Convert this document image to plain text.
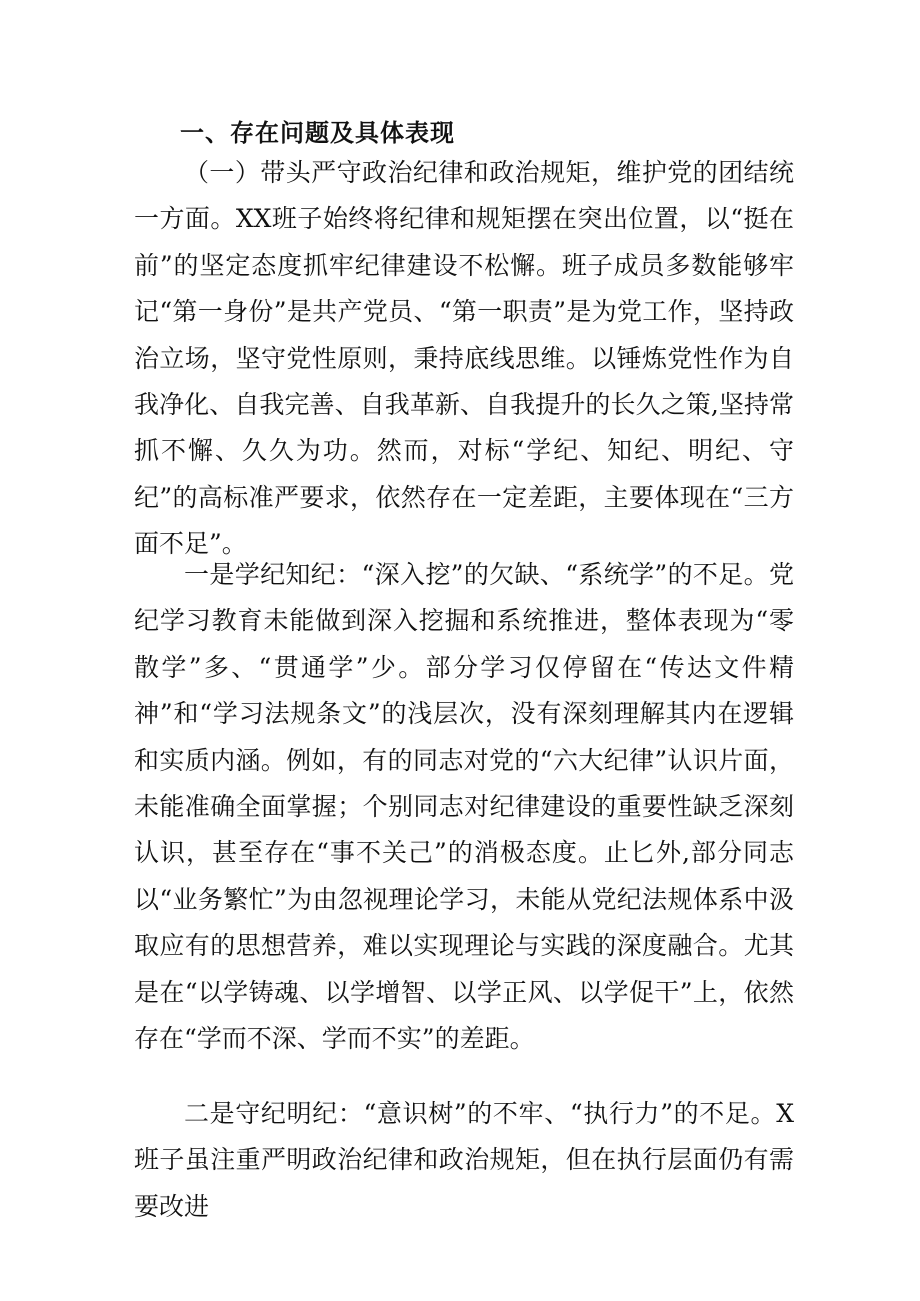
一、存在问题及具体表现

（一）带头严守政治纪律和政治规矩，维护党的团结统一方面。XX班子始终将纪律和规矩摆在突出位置，以“挺在前”的坚定态度抓牢纪律建设不松懈。班子成员多数能够牢记“第一身份”是共产党员、“第一职责”是为党工作，坚持政治立场，坚守党性原则，秉持底线思维。以锤炼党性作为自我净化、自我完善、自我革新、自我提升的长久之策,坚持常抓不懈、久久为功。然而，对标“学纪、知纪、明纪、守纪”的高标准严要求，依然存在一定差距，主要体现在“三方面不足”。

一是学纪知纪：“深入挖”的欠缺、“系统学”的不足。党纪学习教育未能做到深入挖掘和系统推进，整体表现为“零散学”多、“贯通学”少。部分学习仅停留在“传达文件精神”和“学习法规条文”的浅层次，没有深刻理解其内在逻辑和实质内涵。例如，有的同志对党的“六大纪律”认识片面，未能准确全面掌握；个别同志对纪律建设的重要性缺乏深刻认识，甚至存在“事不关己”的消极态度。止匕外,部分同志以“业务繁忙”为由忽视理论学习，未能从党纪法规体系中汲取应有的思想营养，难以实现理论与实践的深度融合。尤其是在“以学铸魂、以学增智、以学正风、以学促干”上，依然存在“学而不深、学而不实”的差距。

二是守纪明纪：“意识树”的不牢、“执行力”的不足。X班子虽注重严明政治纪律和政治规矩，但在执行层面仍有需要改进
